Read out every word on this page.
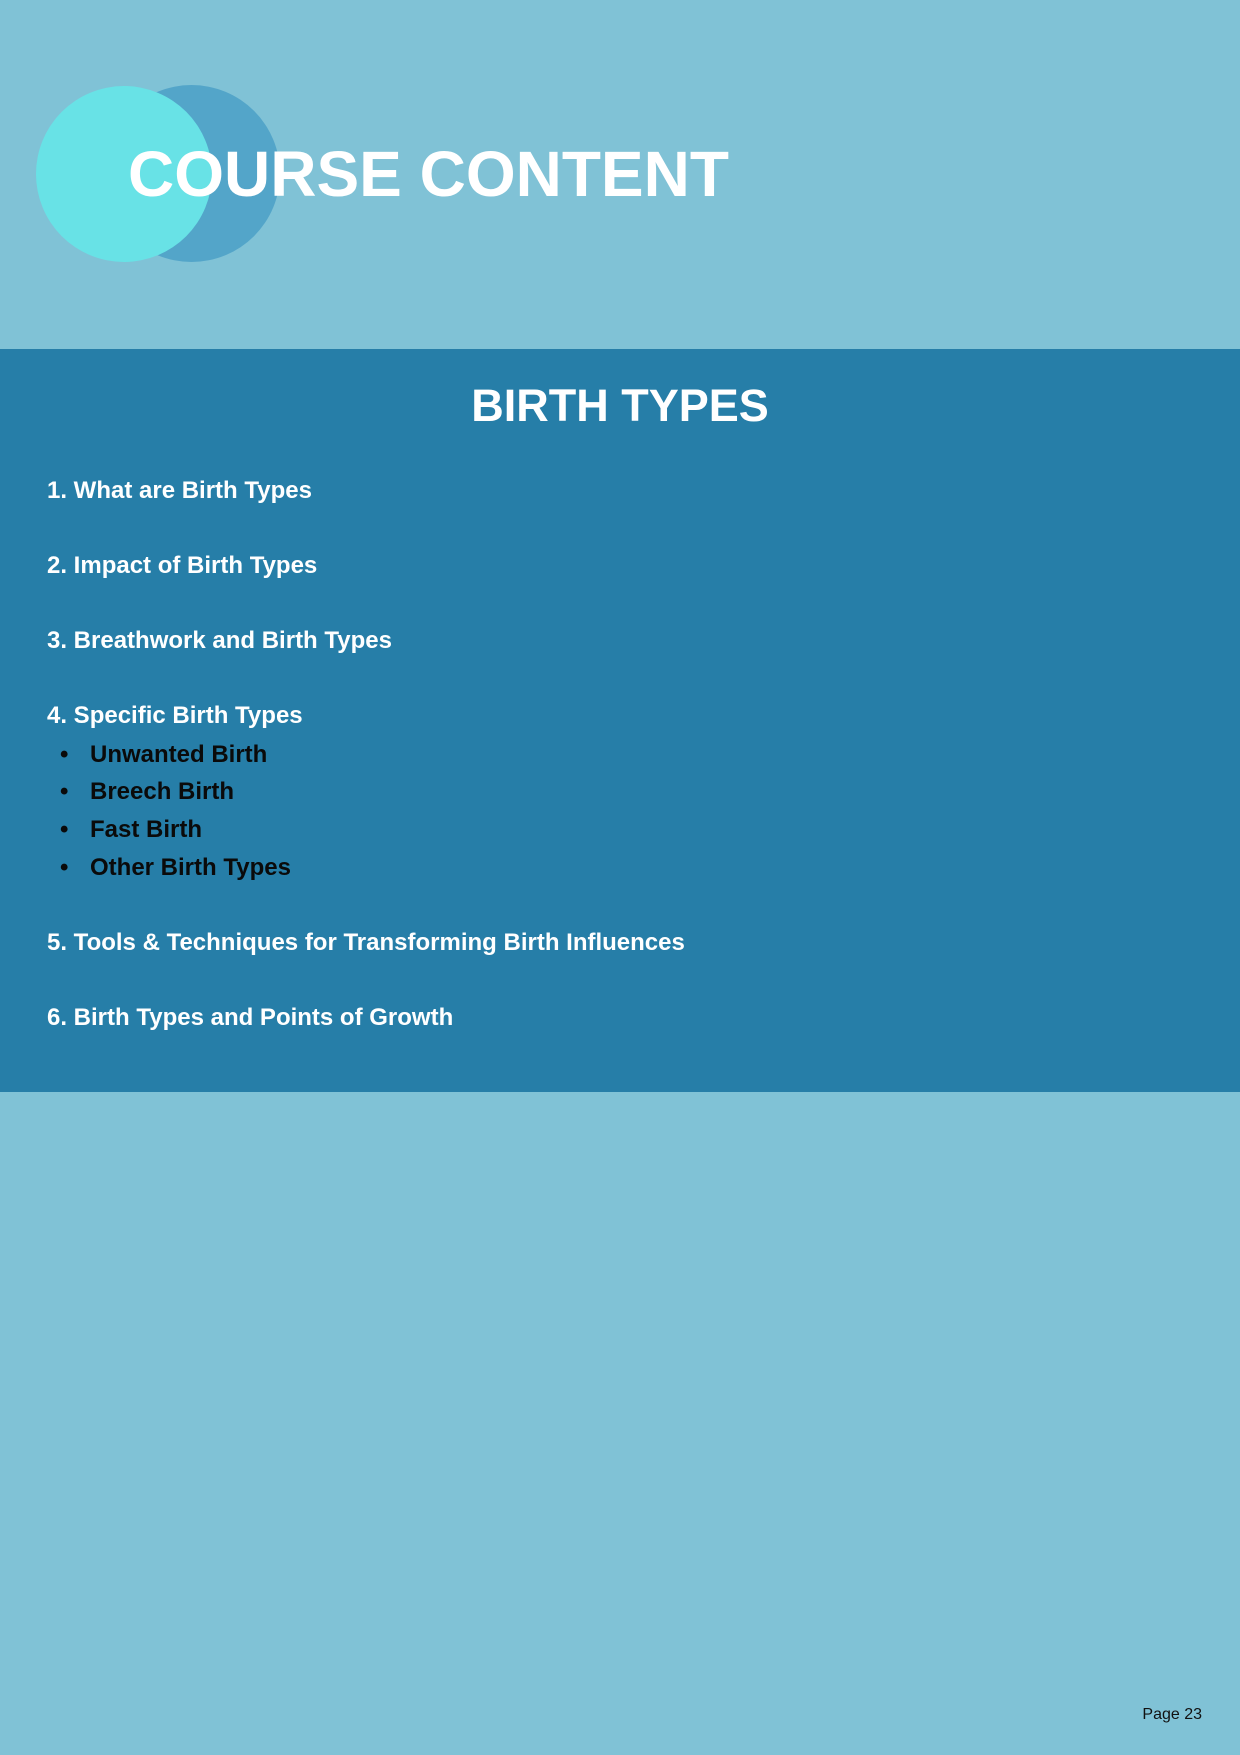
COURSE CONTENT
BIRTH TYPES

1. What are Birth Types

2. Impact of Birth Types

3. Breathwork and Birth Types

4. Specific Birth Types

• Unwanted Birth
• Breech Birth
• Fast Birth
• Other Birth Types

5. Tools & Techniques for Transforming Birth Influences

6. Birth Types and Points of Growth

Page 23
